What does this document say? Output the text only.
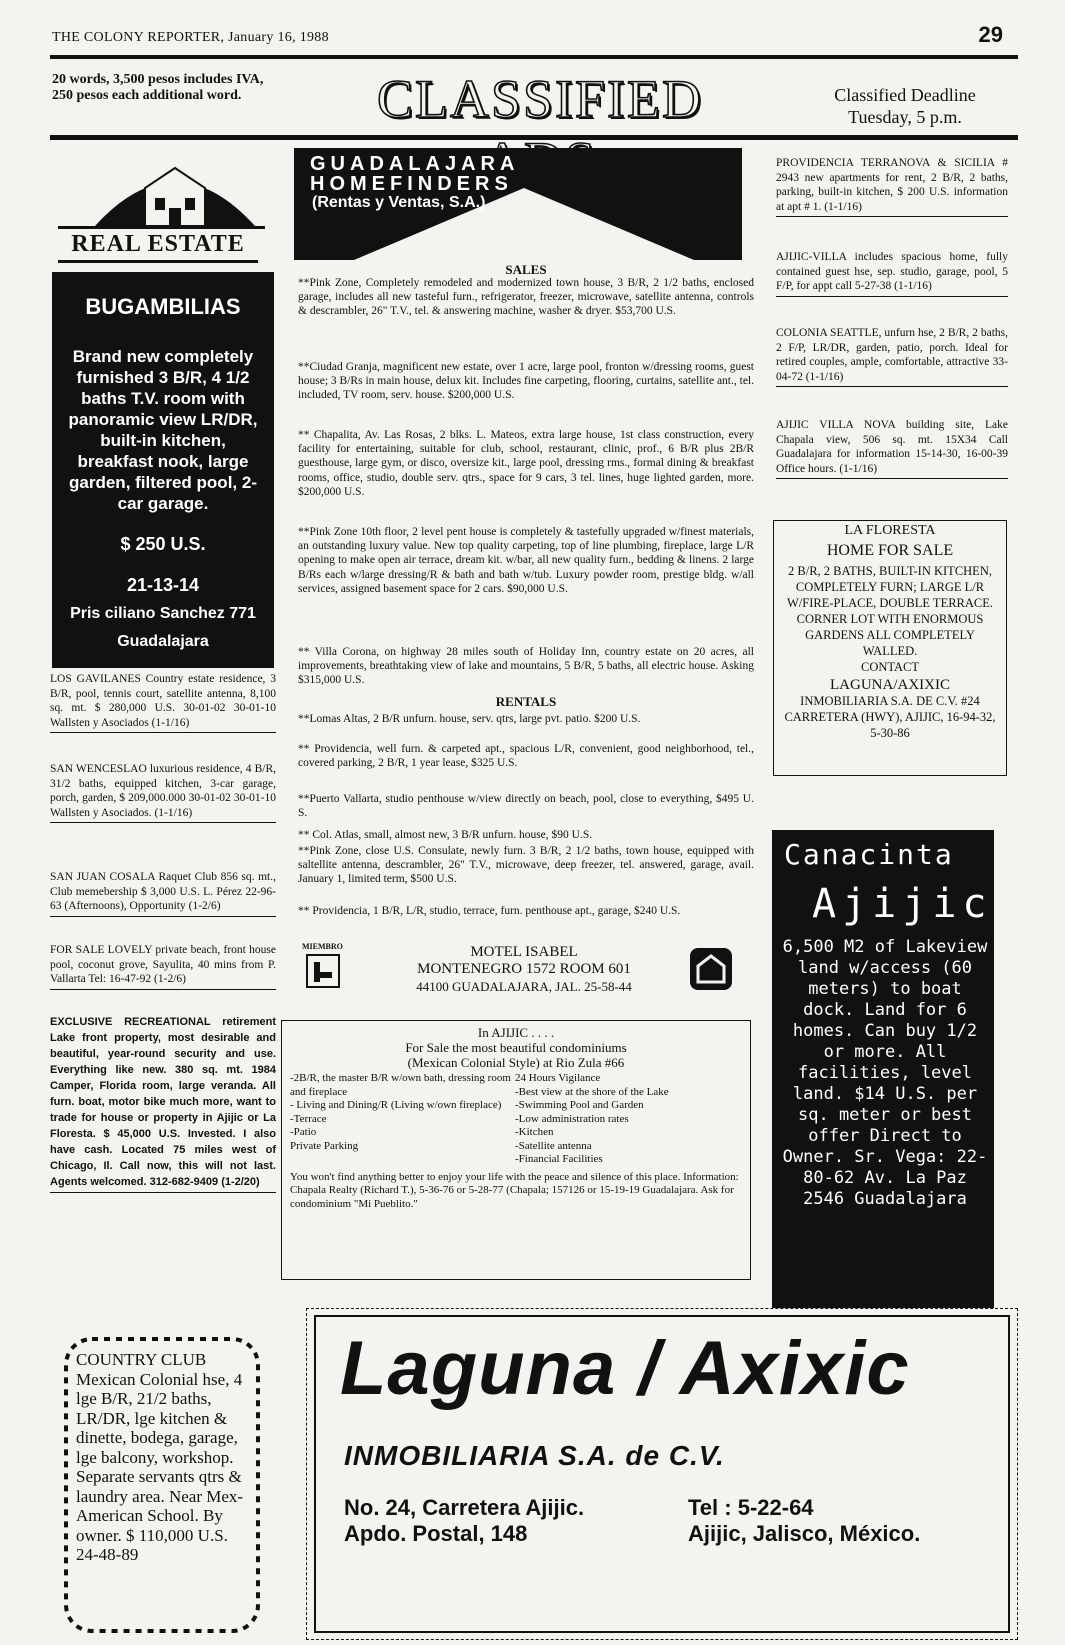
THE COLONY REPORTER, January 16, 1988	29
20 words, 3,500 pesos includes IVA, 250 pesos each additional word.	CLASSIFIED	Classified Deadline
Tuesday, 5 p.m.
REAL ESTATE
BUGAMBILIAS
Brand new completely furnished 3 B/R, 4 1/2 baths T.V. room with panoramic view LR/DR, built-in kitchen, breakfast nook, large garden, filtered pool, 2-car garage.
$ 250 U.S.
21-13-14
Pris ciliano Sanchez 771
Guadalajara
LOS GAVILANES Country estate residence, 3 B/R, pool, tennis court, satellite antenna, 8,100 sq. mt. $ 280,000 U.S. 30-01-02 30-01-10 Wallsten y Asociados (1-1/16)
SAN WENCESLAO luxurious residence, 4 B/R, 31/2 baths, equipped kitchen, 3-car garage, porch, garden, $ 209,000.000 30-01-02 30-01-10 Wallsten y Asociados. (1-1/16)
SAN JUAN COSALA Raquet Club 856 sq. mt., Club memebership $ 3,000 U.S. L. Pérez 22-96-63 (Afternoons), Opportunity (1-2/6)
FOR SALE LOVELY private beach, front house pool, coconut grove, Sayulita, 40 mins from P. Vallarta Tel: 16-47-92 (1-2/6)
EXCLUSIVE RECREATIONAL retirement Lake front property, most desirable and beautiful, year-round security and use. Everything like new. 380 sq. mt. 1984 Camper, Florida room, large veranda. All furn. boat, motor bike much more, want to trade for house or property in Ajijic or La Floresta. $ 45,000 U.S. Invested. I also have cash. Located 75 miles west of Chicago, Il. Call now, this will not last. Agents welcomed. 312-682-9409 (1-2/20)
COUNTRY CLUB Mexican Colonial hse, 4 lge B/R, 21/2 baths, LR/DR, lge kitchen & dinette, bodega, garage, lge balcony, workshop. Separate servants qtrs & laundry area. Near Mex-American School. By owner. $ 110,000 U.S. 24-48-89
GUADALAJARA
HOMEFINDERS
(Rentas y Ventas, S.A.)
SALES
**Pink Zone, Completely remodeled and modernized town house, 3 B/R, 2 1/2 baths, enclosed garage, includes all new tasteful furn., refrigerator, freezer, microwave, satellite antenna, controls & descrambler, 26" T.V., tel. & answering machine, washer & dryer. $53,700 U.S.
**Ciudad Granja, magnificent new estate, over 1 acre, large pool, fronton w/dressing rooms, guest house; 3 B/Rs in main house, delux kit. Includes fine carpeting, flooring, curtains, satellite ant., tel. included, TV room, serv. house. $200,000 U.S.
** Chapalita, Av. Las Rosas, 2 blks. L. Mateos, extra large house, 1st class construction, every facility for entertaining, suitable for club, school, restaurant, clinic, prof., 6 B/R plus 2B/R guesthouse, large gym, or disco, oversize kit., large pool, dressing rms., formal dining & breakfast rooms, office, studio, double serv. qtrs., space for 9 cars, 3 tel. lines, huge lighted garden, more. $200,000 U.S.
**Pink Zone 10th floor, 2 level pent house is completely & tastefully upgraded w/finest materials, an outstanding luxury value. New top quality carpeting, top of line plumbing, fireplace, large L/R opening to make open air terrace, dream kit. w/bar, all new quality furn., bedding & linens. 2 large B/Rs each w/large dressing/R & bath and bath w/tub. Luxury powder room, prestige bldg. w/all services, assigned basement space for 2 cars. $90,000 U.S.
** Villa Corona, on highway 28 miles south of Holiday Inn, country estate on 20 acres, all improvements, breathtaking view of lake and mountains, 5 B/R, 5 baths, all electric house. Asking $315,000 U.S.
RENTALS
**Lomas Altas, 2 B/R unfurn. house, serv. qtrs, large pvt. patio. $200 U.S.
** Providencia, well furn. & carpeted apt., spacious L/R, convenient, good neighborhood, tel., covered parking, 2 B/R, 1 year lease, $325 U.S.
**Puerto Vallarta, studio penthouse w/view directly on beach, pool, close to everything, $495 U. S.
** Col. Atlas, small, almost new, 3 B/R unfurn. house, $90 U.S.
**Pink Zone, close U.S. Consulate, newly furn. 3 B/R, 2 1/2 baths, town house, equipped with saltellite antenna, descrambler, 26" T.V., microwave, deep freezer, tel. answered, garage, avail. January 1, limited term, $500 U.S.
** Providencia, 1 B/R, L/R, studio, terrace, furn. penthouse apt., garage, $240 U.S.
MIEMBRO	MOTEL ISABEL
MONTENEGRO 1572 ROOM 601
44100 GUADALAJARA, JAL. 25-58-44
In AJIJIC . . . .
For Sale the most beautiful condominiums
(Mexican Colonial Style) at Rio Zula #66
-2B/R, the master B/R w/own bath, dressing room and fireplace
- Living and Dining/R (Living w/own fireplace)
-Terrace
-Patio
Private Parking
24 Hours Vigilance
-Best view at the shore of the Lake
-Swimming Pool and Garden
-Low administration rates
-Kitchen
-Satellite antenna
-Financial Facilities
You won't find anything better to enjoy your life with the peace and silence of this place. Information: Chapala Realty (Richard T.), 5-36-76 or 5-28-77 (Chapala; 157126 or 15-19-19 Guadalajara. Ask for condominium "Mi Pueblito."
PROVIDENCIA TERRANOVA & SICILIA # 2943 new apartments for rent, 2 B/R, 2 baths, parking, built-in kitchen, $ 200 U.S. information at apt # 1. (1-1/16)
AJIJIC-VILLA includes spacious home, fully contained guest hse, sep. studio, garage, pool, 5 F/P, for appt call 5-27-38 (1-1/16)
COLONIA SEATTLE, unfurn hse, 2 B/R, 2 baths, 2 F/P, LR/DR, garden, patio, porch. Ideal for retired couples, ample, comfortable, attractive 33-04-72 (1-1/16)
AJIJIC VILLA NOVA building site, Lake Chapala view, 506 sq. mt. 15X34 Call Guadalajara for information 15-14-30, 16-00-39 Office hours. (1-1/16)
LA FLORESTA
HOME FOR SALE
2 B/R, 2 BATHS, BUILT-IN KITCHEN, COMPLETELY FURN; LARGE L/R W/FIRE-PLACE, DOUBLE TERRACE. CORNER LOT WITH ENORMOUS GARDENS ALL COMPLETELY WALLED.
CONTACT
LAGUNA/AXIXIC
INMOBILIARIA S.A. DE C.V. #24 CARRETERA (HWY), AJIJIC, 16-94-32, 5-30-86
Canacinta
Ajijic
6,500 M2 of Lakeview land w/access (60 meters) to boat dock. Land for 6 homes. Can buy 1/2 or more. All facilities, level land. $14 U.S. per sq. meter or best offer Direct to Owner. Sr. Vega: 22-80-62 Av. La Paz 2546 Guadalajara
Laguna / Axixic
INMOBILIARIA S.A. de C.V.
No. 24, Carretera Ajijic.
Apdo. Postal, 148
Tel : 5-22-64
Ajijic, Jalisco, México.
